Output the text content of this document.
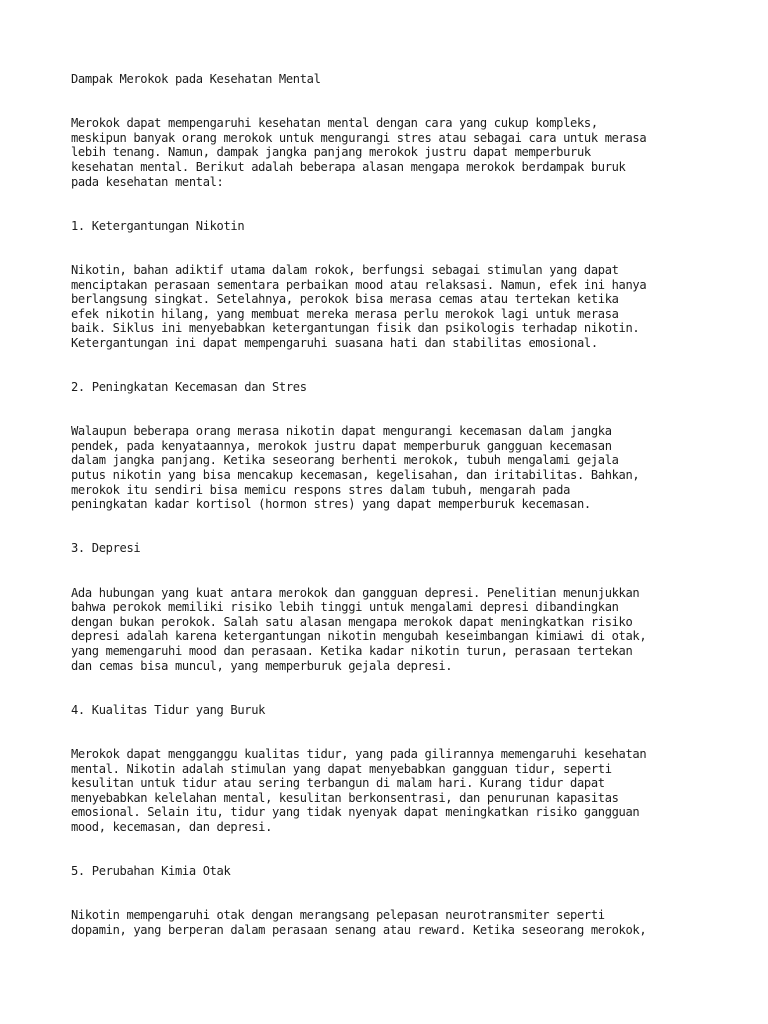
Dampak Merokok pada Kesehatan Mental

Merokok dapat mempengaruhi kesehatan mental dengan cara yang cukup kompleks,
meskipun banyak orang merokok untuk mengurangi stres atau sebagai cara untuk merasa
lebih tenang. Namun, dampak jangka panjang merokok justru dapat memperburuk
kesehatan mental. Berikut adalah beberapa alasan mengapa merokok berdampak buruk
pada kesehatan mental:

1. Ketergantungan Nikotin

Nikotin, bahan adiktif utama dalam rokok, berfungsi sebagai stimulan yang dapat
menciptakan perasaan sementara perbaikan mood atau relaksasi. Namun, efek ini hanya
berlangsung singkat. Setelahnya, perokok bisa merasa cemas atau tertekan ketika
efek nikotin hilang, yang membuat mereka merasa perlu merokok lagi untuk merasa
baik. Siklus ini menyebabkan ketergantungan fisik dan psikologis terhadap nikotin.
Ketergantungan ini dapat mempengaruhi suasana hati dan stabilitas emosional.

2. Peningkatan Kecemasan dan Stres

Walaupun beberapa orang merasa nikotin dapat mengurangi kecemasan dalam jangka
pendek, pada kenyataannya, merokok justru dapat memperburuk gangguan kecemasan
dalam jangka panjang. Ketika seseorang berhenti merokok, tubuh mengalami gejala
putus nikotin yang bisa mencakup kecemasan, kegelisahan, dan iritabilitas. Bahkan,
merokok itu sendiri bisa memicu respons stres dalam tubuh, mengarah pada
peningkatan kadar kortisol (hormon stres) yang dapat memperburuk kecemasan.

3. Depresi

Ada hubungan yang kuat antara merokok dan gangguan depresi. Penelitian menunjukkan
bahwa perokok memiliki risiko lebih tinggi untuk mengalami depresi dibandingkan
dengan bukan perokok. Salah satu alasan mengapa merokok dapat meningkatkan risiko
depresi adalah karena ketergantungan nikotin mengubah keseimbangan kimiawi di otak,
yang memengaruhi mood dan perasaan. Ketika kadar nikotin turun, perasaan tertekan
dan cemas bisa muncul, yang memperburuk gejala depresi.

4. Kualitas Tidur yang Buruk

Merokok dapat mengganggu kualitas tidur, yang pada gilirannya memengaruhi kesehatan
mental. Nikotin adalah stimulan yang dapat menyebabkan gangguan tidur, seperti
kesulitan untuk tidur atau sering terbangun di malam hari. Kurang tidur dapat
menyebabkan kelelahan mental, kesulitan berkonsentrasi, dan penurunan kapasitas
emosional. Selain itu, tidur yang tidak nyenyak dapat meningkatkan risiko gangguan
mood, kecemasan, dan depresi.

5. Perubahan Kimia Otak

Nikotin mempengaruhi otak dengan merangsang pelepasan neurotransmiter seperti
dopamin, yang berperan dalam perasaan senang atau reward. Ketika seseorang merokok,
